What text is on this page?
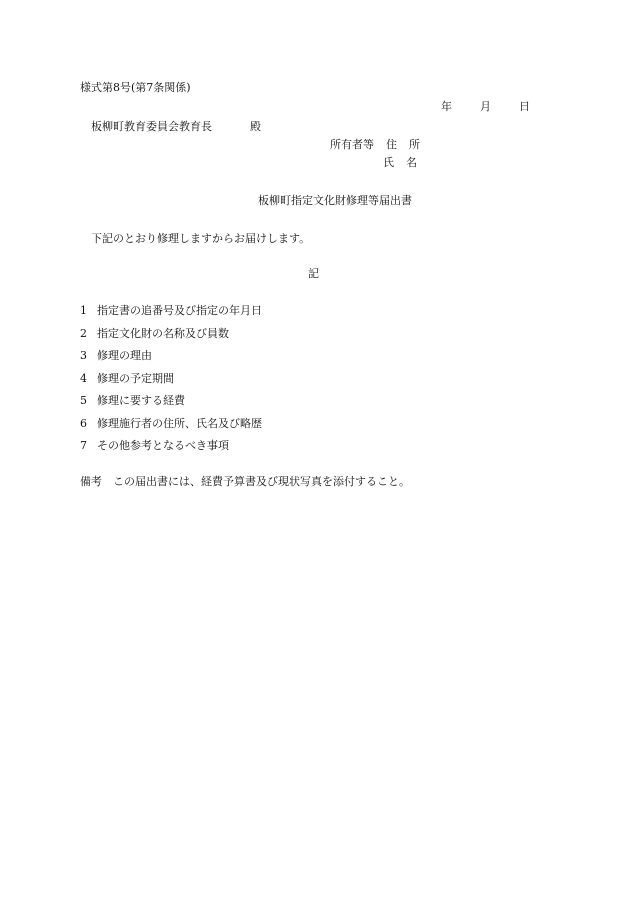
様式第8号(第7条関係)
年	月	日
板柳町教育委員会教育長	殿
所有者等 住 所
氏 名
板柳町指定文化財修理等届出書
下記のとおり修理しますからお届けします。
記
1 指定書の追番号及び指定の年月日
2 指定文化財の名称及び員数
3 修理の理由
4 修理の予定期間
5 修理に要する経費
6 修理施行者の住所、氏名及び略歴
7 その他参考となるべき事項
備考 この届出書には、経費予算書及び現状写真を添付すること。
